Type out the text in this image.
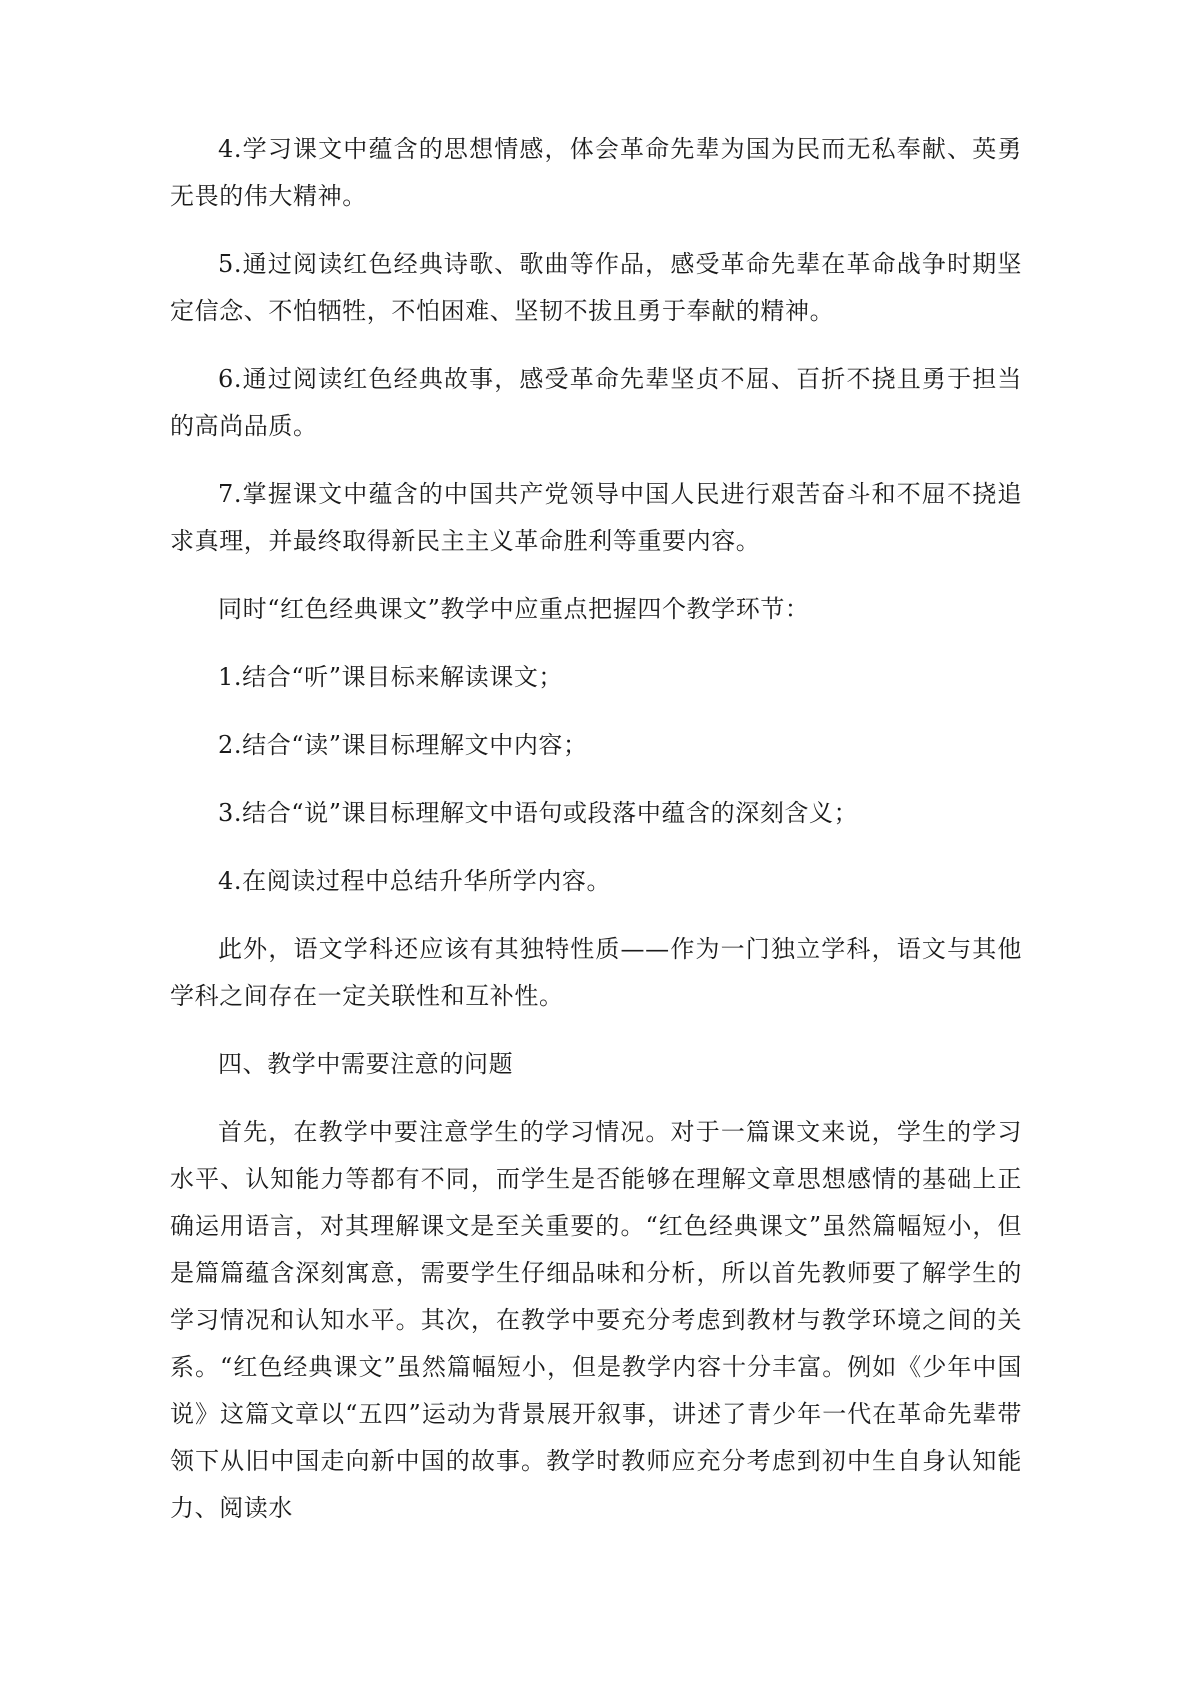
4.学习课文中蕴含的思想情感，体会革命先辈为国为民而无私奉献、英勇无畏的伟大精神。

5.通过阅读红色经典诗歌、歌曲等作品，感受革命先辈在革命战争时期坚定信念、不怕牺牲，不怕困难、坚韧不拔且勇于奉献的精神。

6.通过阅读红色经典故事，感受革命先辈坚贞不屈、百折不挠且勇于担当的高尚品质。

7.掌握课文中蕴含的中国共产党领导中国人民进行艰苦奋斗和不屈不挠追求真理，并最终取得新民主主义革命胜利等重要内容。

同时“红色经典课文”教学中应重点把握四个教学环节：

1.结合“听”课目标来解读课文；

2.结合“读”课目标理解文中内容；

3.结合“说”课目标理解文中语句或段落中蕴含的深刻含义；

4.在阅读过程中总结升华所学内容。

此外，语文学科还应该有其独特性质——作为一门独立学科，语文与其他学科之间存在一定关联性和互补性。

四、教学中需要注意的问题

首先，在教学中要注意学生的学习情况。对于一篇课文来说，学生的学习水平、认知能力等都有不同，而学生是否能够在理解文章思想感情的基础上正确运用语言，对其理解课文是至关重要的。“红色经典课文”虽然篇幅短小，但是篇篇蕴含深刻寓意，需要学生仔细品味和分析，所以首先教师要了解学生的学习情况和认知水平。其次，在教学中要充分考虑到教材与教学环境之间的关系。“红色经典课文”虽然篇幅短小，但是教学内容十分丰富。例如《少年中国说》这篇文章以“五四”运动为背景展开叙事，讲述了青少年一代在革命先辈带领下从旧中国走向新中国的故事。教学时教师应充分考虑到初中生自身认知能力、阅读水
